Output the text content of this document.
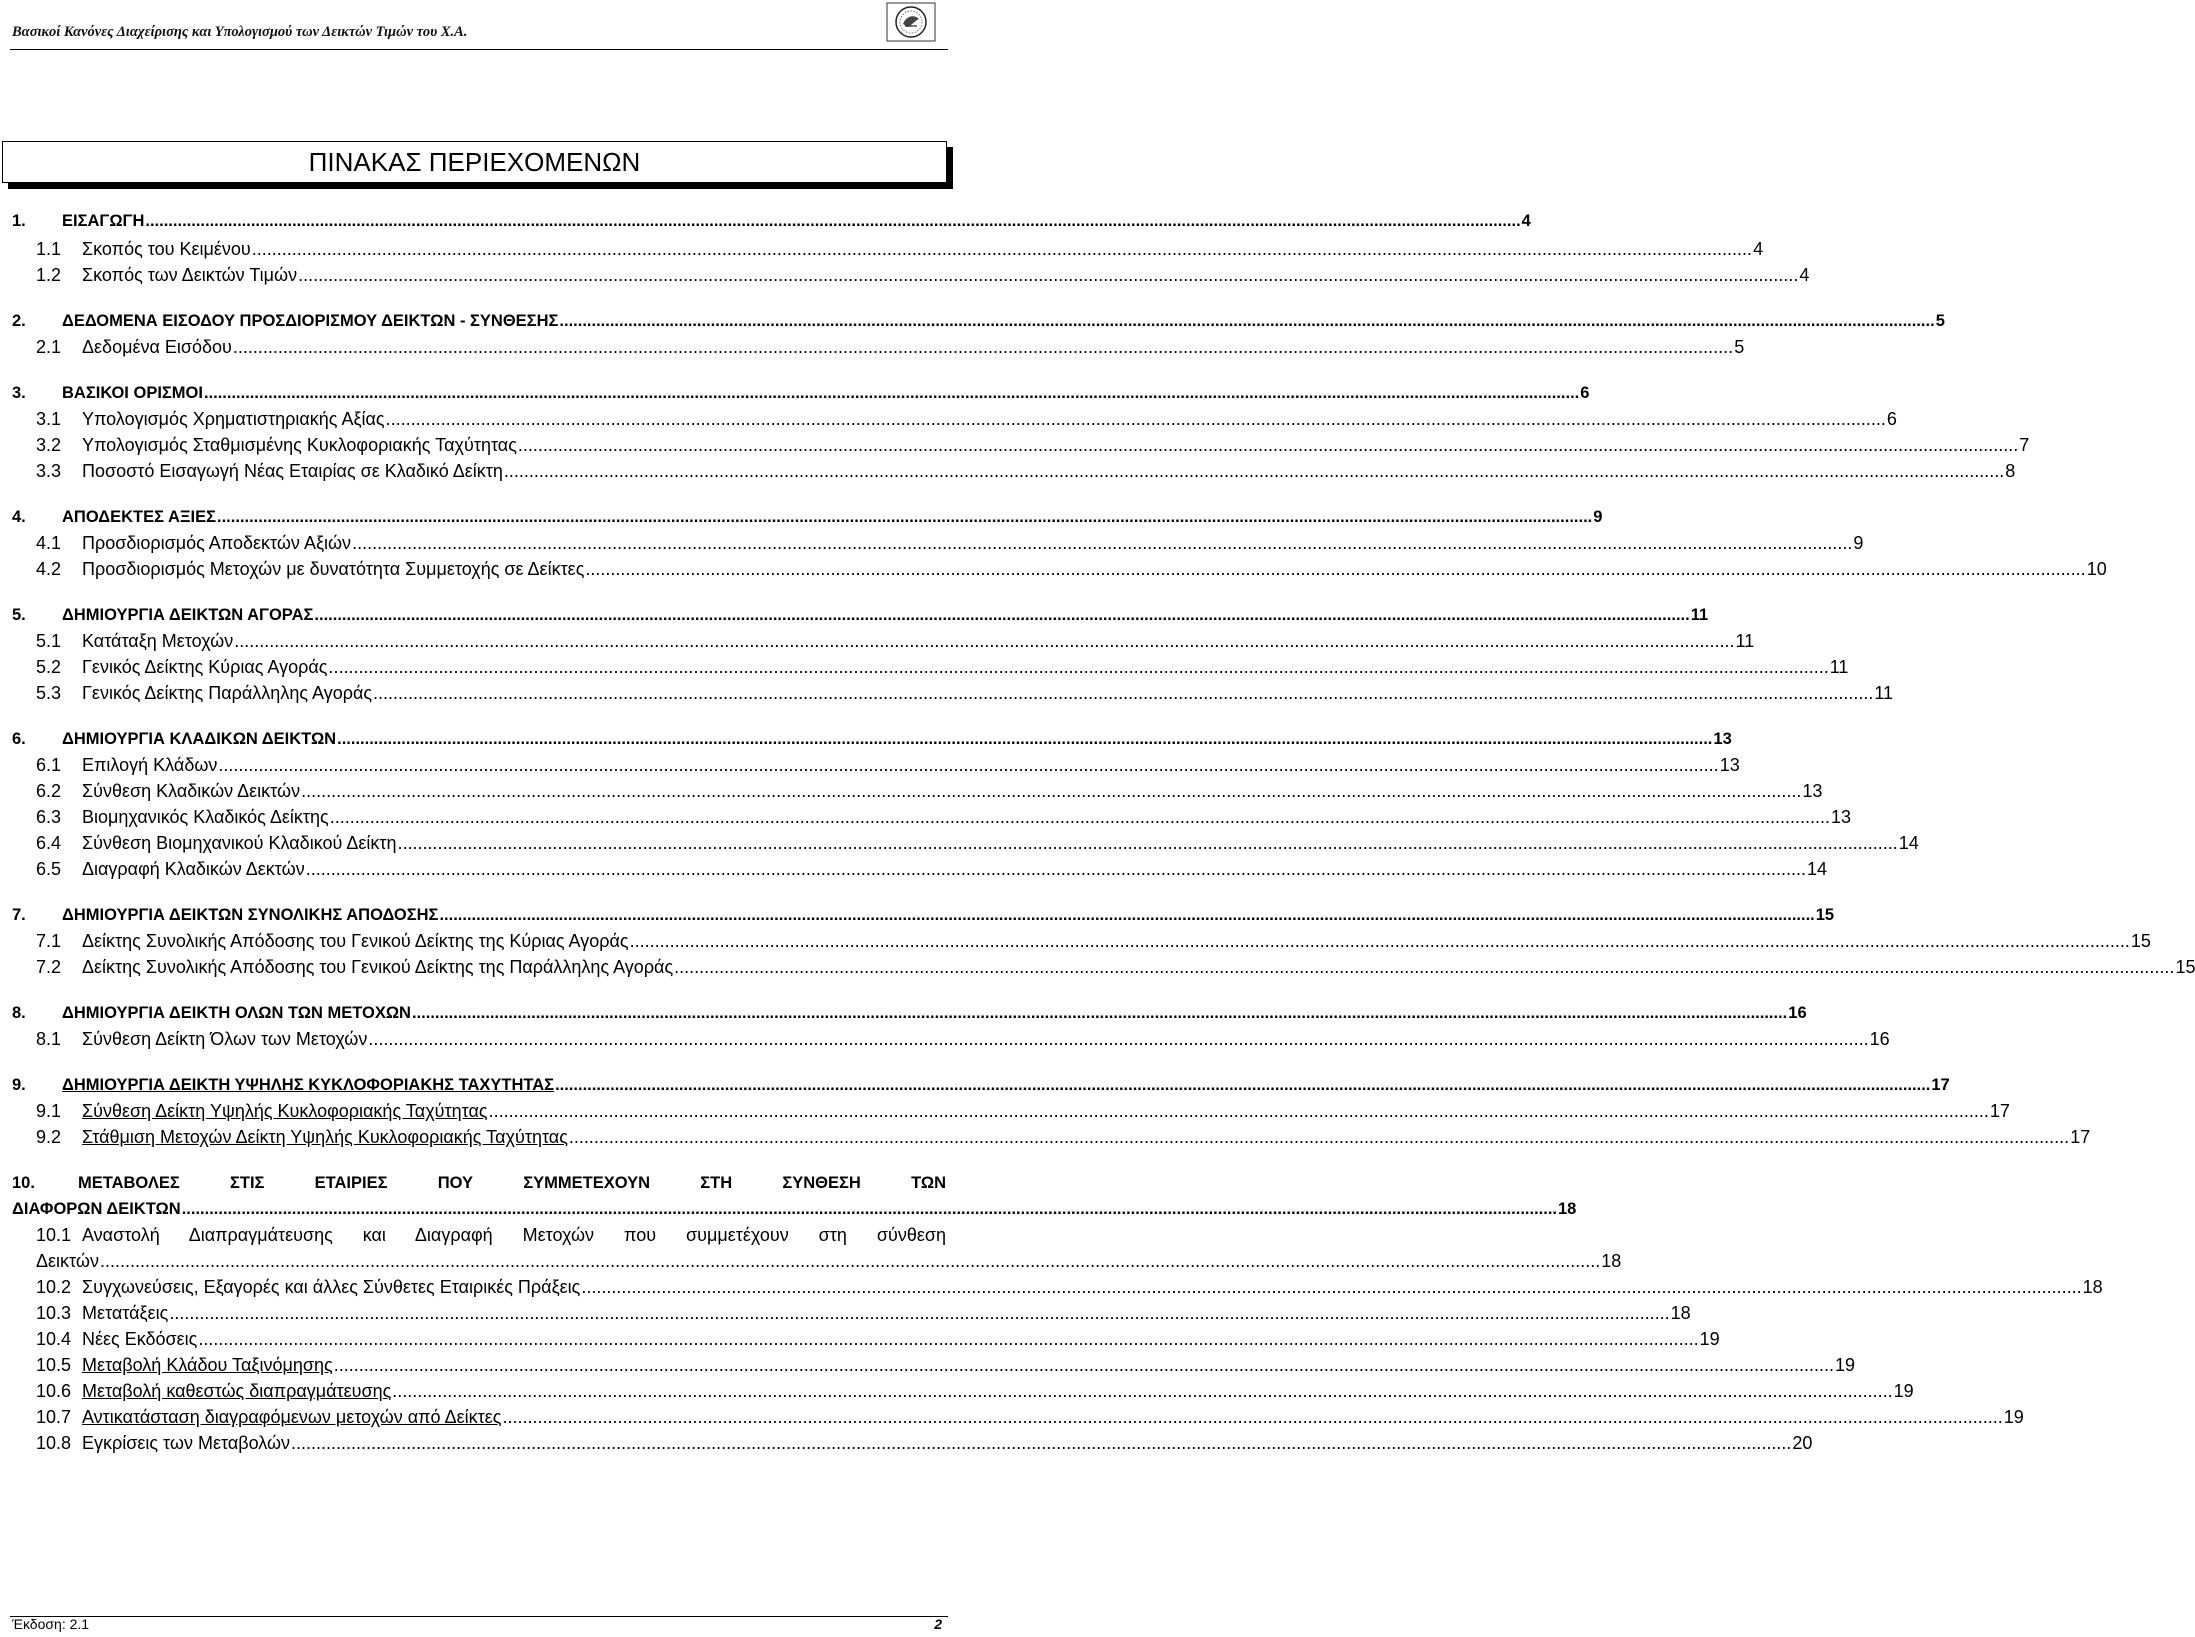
Βασικοί Κανόνες Διαχείρισης και Υπολογισμού των Δεικτών Τιμών του Χ.Α.
ΠΙΝΑΚΑΣ ΠΕΡΙΕΧΟΜΕΝΩΝ
1.	ΕΙΣΑΓΩΓΗ ............................................................................................................................................................................................................................................................................................................ 4
1.1	Σκοπός του Κειμένου ............................................................................................................................................................................................................................................................................................................ 4
1.2	Σκοπός των Δεικτών Τιμών ............................................................................................................................................................................................................................................................................................................ 4
2.	ΔΕΔΟΜΕΝΑ ΕΙΣΟΔΟΥ ΠΡΟΣΔΙΟΡΙΣΜΟΥ ΔΕΙΚΤΩΝ - ΣΥΝΘΕΣΗΣ ............................................................................................................................................................................................................................................................................................................ 5
2.1	Δεδομένα Εισόδου ............................................................................................................................................................................................................................................................................................................ 5
3.	ΒΑΣΙΚΟΙ ΟΡΙΣΜΟΙ ............................................................................................................................................................................................................................................................................................................ 6
3.1	Υπολογισμός Χρηματιστηριακής Αξίας ............................................................................................................................................................................................................................................................................................................ 6
3.2	Υπολογισμός Σταθμισμένης Κυκλοφοριακής Ταχύτητας ............................................................................................................................................................................................................................................................................................................ 7
3.3	Ποσοστό Εισαγωγή Νέας Εταιρίας σε Κλαδικό Δείκτη ............................................................................................................................................................................................................................................................................................................ 8
4.	ΑΠΟΔΕΚΤΕΣ ΑΞΙΕΣ ............................................................................................................................................................................................................................................................................................................ 9
4.1	Προσδιορισμός Αποδεκτών Αξιών ............................................................................................................................................................................................................................................................................................................ 9
4.2	Προσδιορισμός Μετοχών με δυνατότητα Συμμετοχής σε Δείκτες ............................................................................................................................................................................................................................................................................................................ 10
5.	ΔΗΜΙΟΥΡΓΙΑ ΔΕΙΚΤΩΝ ΑΓΟΡΑΣ ............................................................................................................................................................................................................................................................................................................ 11
5.1	Κατάταξη Μετοχών ............................................................................................................................................................................................................................................................................................................ 11
5.2	Γενικός Δείκτης Κύριας Αγοράς ............................................................................................................................................................................................................................................................................................................ 11
5.3	Γενικός Δείκτης Παράλληλης Αγοράς ............................................................................................................................................................................................................................................................................................................ 11
6.	ΔΗΜΙΟΥΡΓΙΑ ΚΛΑΔΙΚΩΝ ΔΕΙΚΤΩΝ ............................................................................................................................................................................................................................................................................................................ 13
6.1	Επιλογή Κλάδων ............................................................................................................................................................................................................................................................................................................ 13
6.2	Σύνθεση Κλαδικών Δεικτών ............................................................................................................................................................................................................................................................................................................ 13
6.3	Βιομηχανικός Κλαδικός Δείκτης ............................................................................................................................................................................................................................................................................................................ 13
6.4	Σύνθεση Βιομηχανικού Κλαδικού Δείκτη ............................................................................................................................................................................................................................................................................................................ 14
6.5	Διαγραφή Κλαδικών Δεκτών ............................................................................................................................................................................................................................................................................................................ 14
7.	ΔΗΜΙΟΥΡΓΙΑ ΔΕΙΚΤΩΝ ΣΥΝΟΛΙΚΗΣ ΑΠΟΔΟΣΗΣ ............................................................................................................................................................................................................................................................................................................ 15
7.1	Δείκτης Συνολικής Απόδοσης του Γενικού Δείκτης της Κύριας Αγοράς ............................................................................................................................................................................................................................................................................................................ 15
7.2	Δείκτης Συνολικής Απόδοσης του Γενικού Δείκτης της Παράλληλης Αγοράς ............................................................................................................................................................................................................................................................................................................ 15
8.	ΔΗΜΙΟΥΡΓΙΑ ΔΕΙΚΤΗ ΟΛΩΝ ΤΩΝ ΜΕΤΟΧΩΝ ............................................................................................................................................................................................................................................................................................................ 16
8.1	Σύνθεση Δείκτη Όλων των Μετοχών ............................................................................................................................................................................................................................................................................................................ 16
9.	ΔΗΜΙΟΥΡΓΙΑ ΔΕΙΚΤΗ ΥΨΗΛΗΣ ΚΥΚΛΟΦΟΡΙΑΚΗΣ ΤΑΧΥΤΗΤΑΣ ............................................................................................................................................................................................................................................................................................................ 17
9.1	Σύνθεση Δείκτη Υψηλής Κυκλοφοριακής Ταχύτητας ............................................................................................................................................................................................................................................................................................................ 17
9.2	Στάθμιση Μετοχών Δείκτη Υψηλής Κυκλοφοριακής Ταχύτητας ............................................................................................................................................................................................................................................................................................................ 17
10.	ΜΕΤΑΒΟΛΕΣ ΣΤΙΣ ΕΤΑΙΡΙΕΣ ΠΟΥ ΣΥΜΜΕΤΕΧΟΥΝ ΣΤΗ ΣΥΝΘΕΣΗ ΤΩΝ
ΔΙΑΦΟΡΩΝ ΔΕΙΚΤΩΝ ............................................................................................................................................................................................................................................................................................................ 18
10.1 Αναστολή Διαπραγμάτευσης και Διαγραφή Μετοχών που συμμετέχουν στη σύνθεση
Δεικτών ............................................................................................................................................................................................................................................................................................................ 18
10.2 Συγχωνεύσεις, Εξαγορές και άλλες Σύνθετες Εταιρικές Πράξεις ............................................................................................................................................................................................................................................................................................................ 18
10.3 Μετατάξεις ............................................................................................................................................................................................................................................................................................................ 18
10.4 Νέες Εκδόσεις ............................................................................................................................................................................................................................................................................................................ 19
10.5 Μεταβολή Κλάδου Ταξινόμησης ............................................................................................................................................................................................................................................................................................................ 19
10.6 Μεταβολή καθεστώς διαπραγμάτευσης ............................................................................................................................................................................................................................................................................................................ 19
10.7 Αντικατάσταση διαγραφόμενων μετοχών από Δείκτες ............................................................................................................................................................................................................................................................................................................ 19
10.8 Εγκρίσεις των Μεταβολών ............................................................................................................................................................................................................................................................................................................ 20
Έκδοση: 2.1	2
